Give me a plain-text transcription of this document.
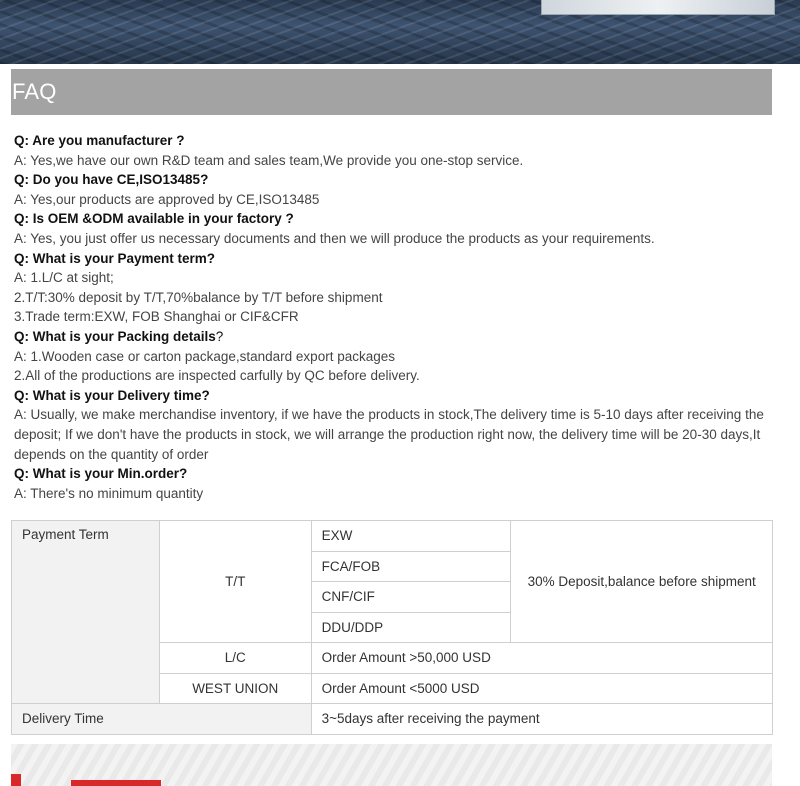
FAQ
Q: Are you manufacturer ?
A: Yes,we have our own R&D team and sales team,We provide you one-stop service.
Q: Do you have CE,ISO13485?
A: Yes,our products are approved by CE,ISO13485
Q: Is OEM &ODM available in your factory ?
A: Yes, you just offer us necessary documents and then we will produce the products as your requirements.
Q: What is your Payment term?
A: 1.L/C at sight;
2.T/T:30% deposit by T/T,70%balance by T/T before shipment
3.Trade term:EXW, FOB Shanghai or CIF&CFR
Q: What is your Packing details?
A: 1.Wooden case or carton package,standard export packages
2.All of the productions are inspected carfully by QC before delivery.
Q: What is your Delivery time?
A: Usually, we make merchandise inventory, if we have the products in stock,The delivery time is 5-10 days after receiving the deposit; If we don't have the products in stock, we will arrange the production right now, the delivery time will be 20-30 days,It depends on the quantity of order
Q: What is your Min.order?
A: There's no minimum quantity
Payment Term	T/T	EXW	30% Deposit,balance before shipment
		FCA/FOB	
		CNF/CIF	
		DDU/DDP	
	L/C	Order Amount >50,000 USD	
	WEST UNION	Order Amount <5000 USD	
Delivery Time		3~5days after receiving the payment	
